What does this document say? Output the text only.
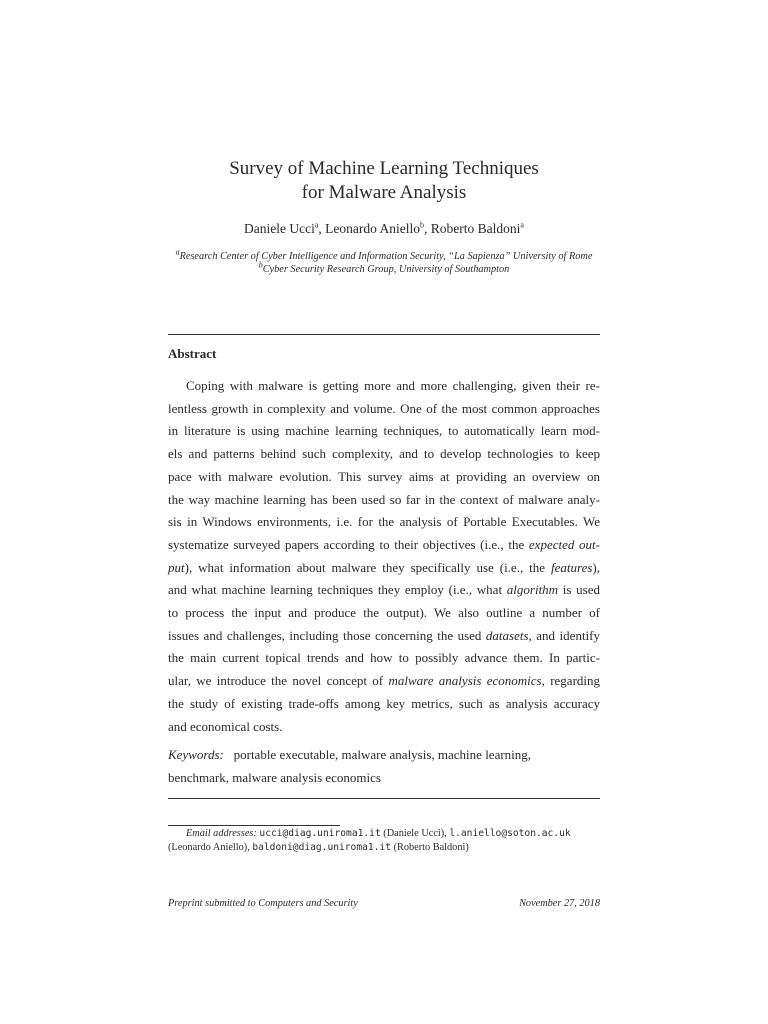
Survey of Machine Learning Techniques
for Malware Analysis
Daniele Ucci$^a$, Leonardo Aniello$^b$, Roberto Baldoni$^a$
$^a$Research Center of Cyber Intelligence and Information Security, “La Sapienza” University of Rome
$^b$Cyber Security Research Group, University of Southampton
Abstract
Coping with malware is getting more and more challenging, given their re-
lentless growth in complexity and volume. One of the most common approaches
in literature is using machine learning techniques, to automatically learn mod-
els and patterns behind such complexity, and to develop technologies to keep
pace with malware evolution. This survey aims at providing an overview on
the way machine learning has been used so far in the context of malware analy-
sis in Windows environments, i.e. for the analysis of Portable Executables. We
systematize surveyed papers according to their objectives (i.e., the expected out-
put), what information about malware they specifically use (i.e., the features),
and what machine learning techniques they employ (i.e., what algorithm is used
to process the input and produce the output). We also outline a number of
issues and challenges, including those concerning the used datasets, and identify
the main current topical trends and how to possibly advance them. In partic-
ular, we introduce the novel concept of malware analysis economics, regarding
the study of existing trade-offs among key metrics, such as analysis accuracy
and economical costs.
Keywords: portable executable, malware analysis, machine learning,
benchmark, malware analysis economics
Email addresses: ucci@diag.uniroma1.it (Daniele Ucci), l.aniello@soton.ac.uk
(Leonardo Aniello), baldoni@diag.uniroma1.it (Roberto Baldoni)
Preprint submitted to Computers and Security	November 27, 2018
